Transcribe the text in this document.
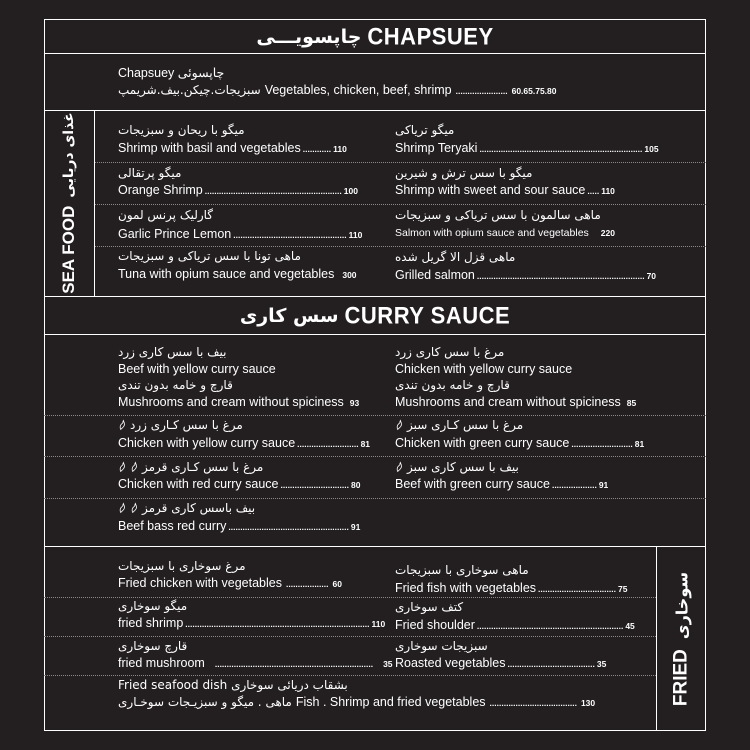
چاپسویـــی CHAPSUEY
Chapsuey چاپسوئی
سبزیجات.چیکن.بیف.شریمپ Vegetables, chicken, beef, shrimp ...................... 60.65.75.80
SEA FOOD
غذای دریایی	میگو با ریحان و سبزیجات
Shrimp with basil and vegetables ............ 110
میگو تریاکی
Shrimp Teryaki ..................................................................... 105
میگو پرتقالی
Orange Shrimp .......................................................... 100
میگو با سس ترش و شیرین
Shrimp with sweet and sour sauce ..... 110
گارلیک پرنس لمون
Garlic Prince Lemon ................................................ 110
ماهی سالمون با سس تریاکی و سبزیجات
Salmon with opium sauce and vegetables 220
ماهی تونا با سس تریاکی و سبزیجات
Tuna with opium sauce and vegetables 300
ماهی قزل الا گریل شده
Grilled salmon ....................................................................... 70
سس کاری CURRY SAUCE
بیف با سس کاری زرد
Beef with yellow curry sauce
قارچ و خامه بدون تندی
Mushrooms and cream without spiciness 93
مرغ با سس کاری زرد
Chicken with yellow curry sauce
قارچ و خامه بدون تندی
Mushrooms and cream without spiciness 85
مرغ با سس کـاری زرد
Chicken with yellow curry sauce .......................... 81
مرغ با سس کـاری سبز
Chicken with green curry sauce .......................... 81
مرغ با سس کـاری قرمز
Chicken with red curry sauce ............................. 80
بیف با سس کاری سبز
Beef with green curry sauce ................... 91
بیف باسس کاری قرمز
Beef bass red curry ................................................... 91
FRIED
سوخاری
مرغ سوخاری با سبزیجات
Fried chicken with vegetables .................. 60
ماهی سوخاری با سبزیجات
Fried fish with vegetables ................................. 75
میگو سوخاری
fried shrimp .............................................................................. 110
کتف سوخاری
Fried shoulder .............................................................. 45
قارچ سوخاری
fried mushroom ................................................................... 35
سبزیجات سوخاری
Roasted vegetables ..................................... 35
Fried seafood dish بشقاب دریائی سوخاری
ماهی . میگو و سبزیـجات سوخـاری Fish . Shrimp and fried vegetables ..................................... 130
